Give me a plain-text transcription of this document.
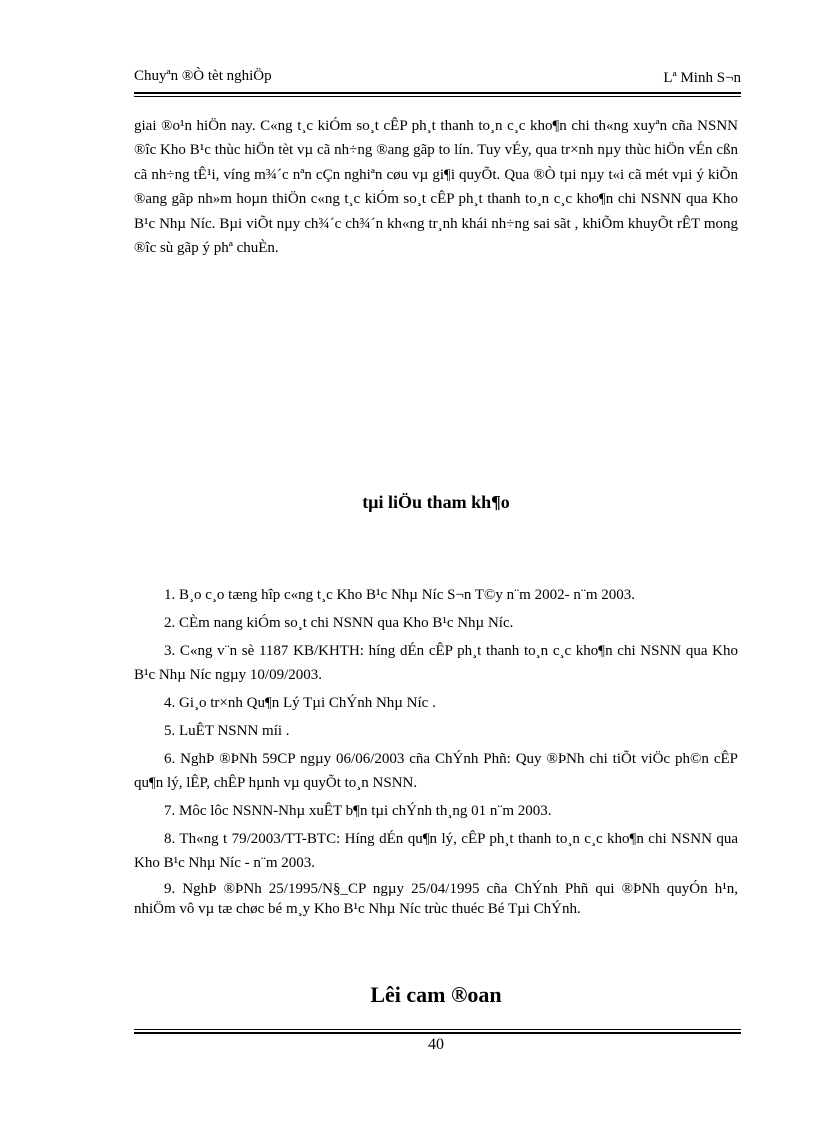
Chuyªn ®Ò tèt nghiÖp	Lª Minh S¬n
giai ®o¹n hiÖn nay. C«ng t¸c kiÓm so¸t cÊP ph¸t thanh to¸n c¸c kho¶n chi th«ng xuyªn cña NSNN ®îc Kho B¹c thùc hiÖn tèt vµ cã nh÷ng ®ang gãp to lín. Tuy vÉy, qua tr×nh nµy thùc hiÖn vÉn cßn cã nh÷ng tÊ¹i, víng m¾´c nªn cÇn nghiªn cøu vµ gi¶i quyÕt. Qua ®Ò tµi nµy t«i cã mét vµi ý kiÕn ®ang gãp nh»m hoµn thiÖn c«ng t¸c kiÓm so¸t cÊP ph¸t thanh to¸n c¸c kho¶n chi NSNN qua Kho B¹c Nhµ Níc. Bµi viÕt nµy ch¾´c ch¾´n kh«ng tr¸nh khái nh÷ng sai sãt , khiÕm khuyÕt rÊT mong ®îc sù gãp ý phª chuÈn.
tµi liÖu tham kh¶o

1. B¸o c¸o tæng hîp c«ng t¸c Kho B¹c Nhµ Níc S¬n T©y n¨m 2002- n¨m 2003.

2. CÈm nang kiÓm so¸t chi NSNN qua Kho B¹c Nhµ Níc.

3. C«ng v¨n sè 1187 KB/KHTH: híng dÉn cÊP ph¸t thanh to¸n c¸c kho¶n chi NSNN qua Kho B¹c Nhµ Níc ngµy 10/09/2003.

4. Gi¸o tr×nh Qu¶n Lý Tµi ChÝnh Nhµ Níc .

5. LuÊT NSNN míi .

6. NghÞ ®ÞNh 59CP ngµy 06/06/2003 cña ChÝnh Phñ: Quy ®ÞNh chi tiÕt viÖc ph©n cÊP qu¶n lý, lÊP, chÊP hµnh vµ quyÕt to¸n NSNN.

7. Môc lôc NSNN-Nhµ xuÊT b¶n tµi chÝnh th¸ng 01 n¨m 2003.

8. Th«ng t 79/2003/TT-BTC: Híng dÉn qu¶n lý, cÊP ph¸t thanh to¸n c¸c kho¶n chi NSNN qua Kho B¹c Nhµ Níc - n¨m 2003.

9. NghÞ ®ÞNh 25/1995/N§_CP ngµy 25/04/1995 cña ChÝnh Phñ qui ®ÞNh quyÓn h¹n, nhiÖm vô vµ tæ chøc bé m¸y Kho B¹c Nhµ Níc trùc thuéc Bé Tµi ChÝnh.

Lêi cam ®oan
40
